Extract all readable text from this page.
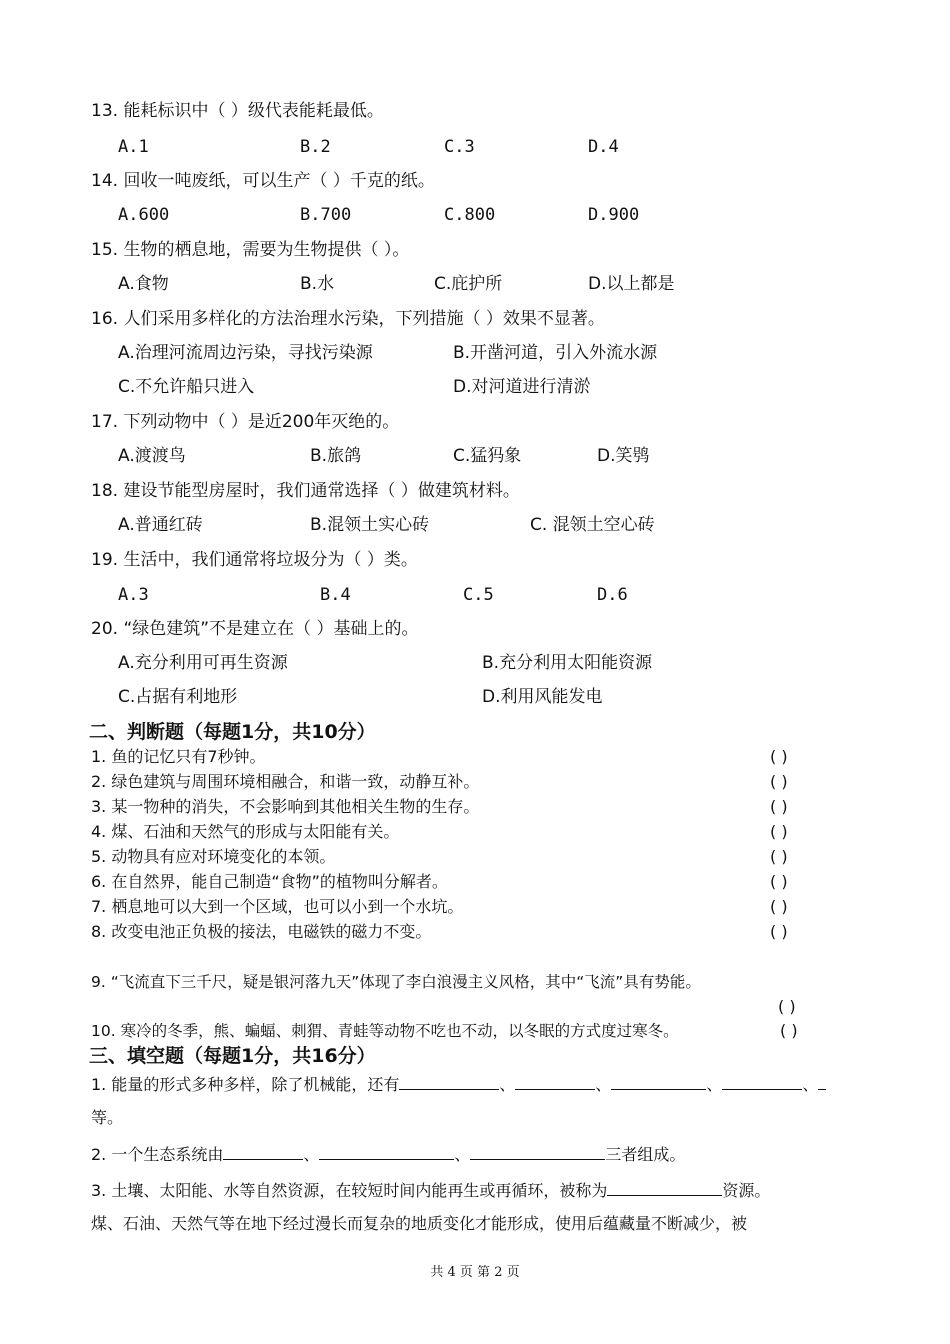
13. 能耗标识中（ ）级代表能耗最低。
A.1	B.2	C.3	D.4
14. 回收一吨废纸，可以生产（ ）千克的纸。
A.600	B.700	C.800	D.900
15. 生物的栖息地，需要为生物提供（ ）。
A.食物	B.水	C.庇护所	D.以上都是
16. 人们采用多样化的方法治理水污染，下列措施（ ）效果不显著。
A.治理河流周边污染，寻找污染源	B.开凿河道，引入外流水源
C.不允许船只进入	D.对河道进行清淤
17. 下列动物中（ ）是近200年灭绝的。
A.渡渡鸟	B.旅鸽	C.猛犸象	D.笑鸮
18. 建设节能型房屋时，我们通常选择（ ）做建筑材料。
A.普通红砖	B.混领土实心砖	C. 混领土空心砖
19. 生活中，我们通常将垃圾分为（ ）类。
A.3	B.4	C.5	D.6
20. “绿色建筑”不是建立在（ ）基础上的。
A.充分利用可再生资源	B.充分利用太阳能资源
C.占据有利地形	D.利用风能发电
二、判断题（每题1分，共10分）
1. 鱼的记忆只有7秒钟。	( )
2. 绿色建筑与周围环境相融合，和谐一致，动静互补。	( )
3. 某一物种的消失，不会影响到其他相关生物的生存。	( )
4. 煤、石油和天然气的形成与太阳能有关。	( )
5. 动物具有应对环境变化的本领。	( )
6. 在自然界，能自己制造“食物”的植物叫分解者。	( )
7. 栖息地可以大到一个区域，也可以小到一个水坑。	( )
8. 改变电池正负极的接法，电磁铁的磁力不变。	( )
9. “飞流直下三千尺，疑是银河落九天”体现了李白浪漫主义风格，其中“飞流”具有势能。
( )
10. 寒冷的冬季，熊、蝙蝠、刺猬、青蛙等动物不吃也不动，以冬眠的方式度过寒冬。	( )
三、填空题（每题1分，共16分）
1. 能量的形式多种多样，除了机械能，还有	、	、	、	、
等。
2. 一个生态系统由	、	、	三者组成。
3. 土壤、太阳能、水等自然资源，在较短时间内能再生或再循环，被称为	资源。
煤、石油、天然气等在地下经过漫长而复杂的地质变化才能形成，使用后蕴藏量不断减少，被
共 4 页 第 2 页
